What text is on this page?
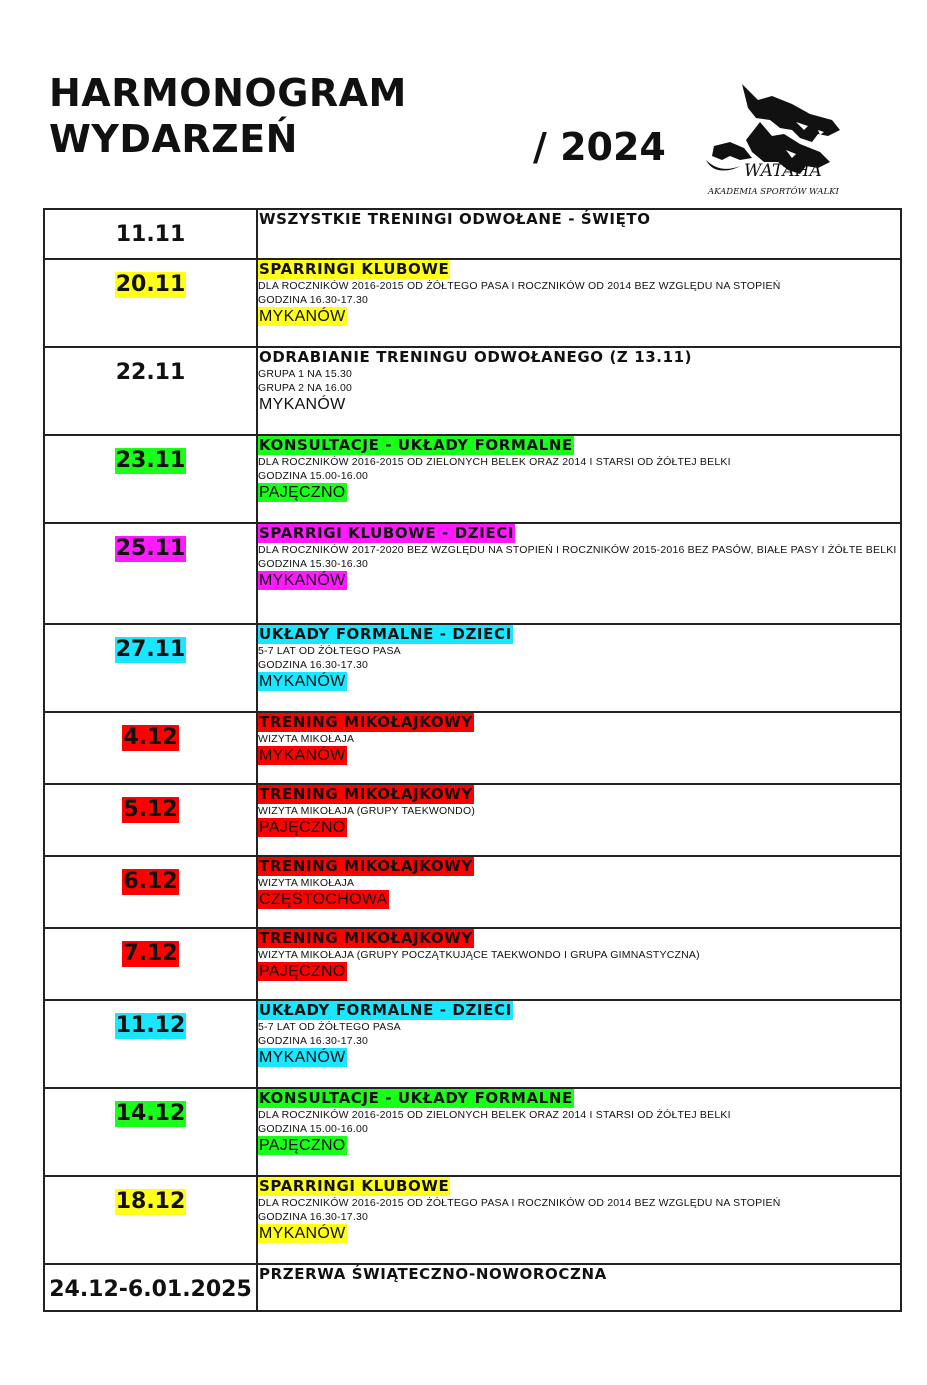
HARMONOGRAM
WYDARZEŃ	/ 2024
WATAHA
AKADEMIA SPORTÓW WALKI
11.11	WSZYSTKIE TRENINGI ODWOŁANE - ŚWIĘTO

20.11	SPARRINGI KLUBOWE
DLA ROCZNIKÓW 2016-2015 OD ŻÓŁTEGO PASA I ROCZNIKÓW OD 2014 BEZ WZGLĘDU NA STOPIEŃ
GODZINA 16.30-17.30
MYKANÓW

22.11	ODRABIANIE TRENINGU ODWOŁANEGO (Z 13.11)
GRUPA 1 NA 15.30
GRUPA 2 NA 16.00
MYKANÓW

23.11	KONSULTACJE - UKŁADY FORMALNE
DLA ROCZNIKÓW 2016-2015 OD ZIELONYCH BELEK ORAZ 2014 I STARSI OD ŻÓŁTEJ BELKI
GODZINA 15.00-16.00
PAJĘCZNO

25.11	SPARRIGI KLUBOWE - DZIECI
DLA ROCZNIKÓW 2017-2020 BEZ WZGLĘDU NA STOPIEŃ I ROCZNIKÓW 2015-2016 BEZ PASÓW, BIAŁE PASY I ŻÓŁTE BELKI
GODZINA 15.30-16.30
MYKANÓW

27.11	UKŁADY FORMALNE - DZIECI
5-7 LAT OD ŻÓŁTEGO PASA
GODZINA 16.30-17.30
MYKANÓW

4.12	TRENING MIKOŁAJKOWY
WIZYTA MIKOŁAJA
MYKANÓW

5.12	TRENING MIKOŁAJKOWY
WIZYTA MIKOŁAJA (GRUPY TAEKWONDO)
PAJĘCZNO

6.12	TRENING MIKOŁAJKOWY
WIZYTA MIKOŁAJA
CZĘSTOCHOWA

7.12	TRENING MIKOŁAJKOWY
WIZYTA MIKOŁAJA (GRUPY POCZĄTKUJĄCE TAEKWONDO I GRUPA GIMNASTYCZNA)
PAJĘCZNO

11.12	UKŁADY FORMALNE - DZIECI
5-7 LAT OD ŻÓŁTEGO PASA
GODZINA 16.30-17.30
MYKANÓW

14.12	KONSULTACJE - UKŁADY FORMALNE
DLA ROCZNIKÓW 2016-2015 OD ZIELONYCH BELEK ORAZ 2014 I STARSI OD ŻÓŁTEJ BELKI
GODZINA 15.00-16.00
PAJĘCZNO

18.12	SPARRINGI KLUBOWE
DLA ROCZNIKÓW 2016-2015 OD ŻÓŁTEGO PASA I ROCZNIKÓW OD 2014 BEZ WZGLĘDU NA STOPIEŃ
GODZINA 16.30-17.30
MYKANÓW

24.12-6.01.2025	PRZERWA ŚWIĄTECZNO-NOWOROCZNA
